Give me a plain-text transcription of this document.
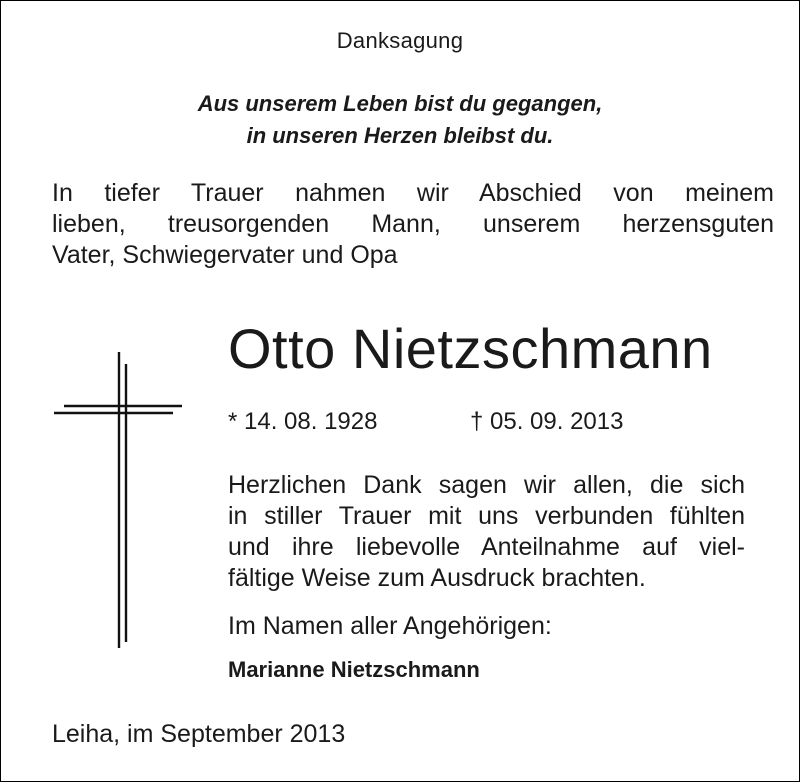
Danksagung
Aus unserem Leben bist du gegangen,
in unseren Herzen bleibst du.
In tiefer Trauer nahmen wir Abschied von meinem
lieben, treusorgenden Mann, unserem herzensguten
Vater, Schwiegervater und Opa
Otto Nietzschmann
* 14. 08. 1928	† 05. 09. 2013
Herzlichen Dank sagen wir allen, die sich
in stiller Trauer mit uns verbunden fühlten
und ihre liebevolle Anteilnahme auf viel-
fältige Weise zum Ausdruck brachten.
Im Namen aller Angehörigen:
Marianne Nietzschmann
Leiha, im September 2013
